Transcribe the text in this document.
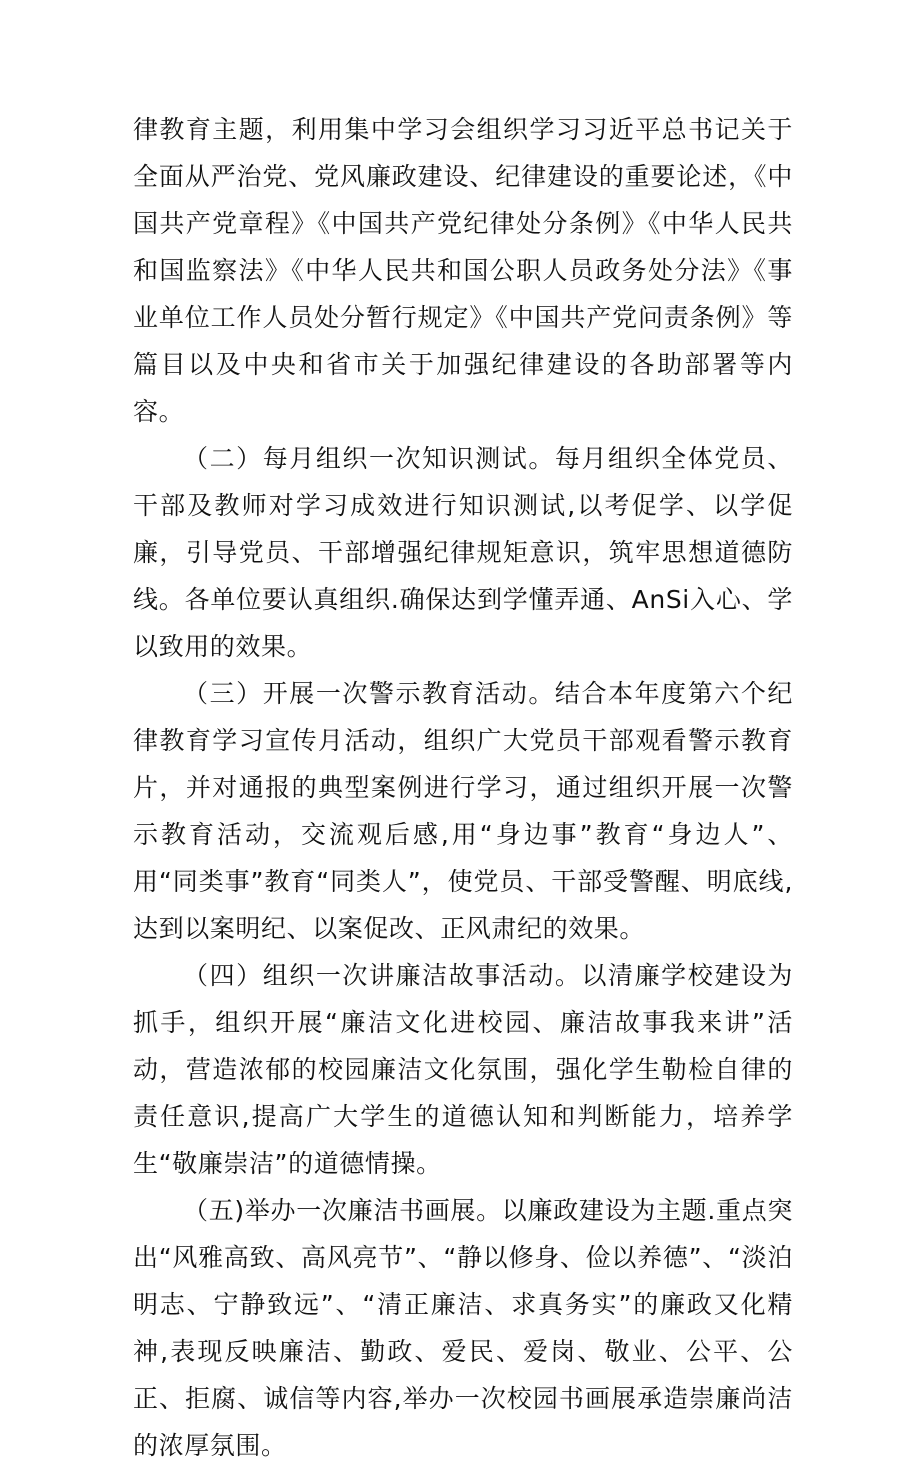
律教育主题，利用集中学习会组织学习习近平总书记关于全面从严治党、党风廉政建设、纪律建设的重要论述，《中国共产党章程》《中国共产党纪律处分条例》《中华人民共和国监察法》《中华人民共和国公职人员政务处分法》《事业单位工作人员处分暂行规定》《中国共产党问责条例》等篇目以及中央和省市关于加强纪律建设的各助部署等内容。

（二）每月组织一次知识测试。每月组织全体党员、干部及教师对学习成效进行知识测试,以考促学、以学促廉，引导党员、干部增强纪律规矩意识，筑牢思想道德防线。各单位要认真组织.确保达到学懂弄通、AnSi入心、学以致用的效果。

（三）开展一次警示教育活动。结合本年度第六个纪律教育学习宣传月活动，组织广大党员干部观看警示教育片，并对通报的典型案例进行学习，通过组织开展一次警示教育活动，交流观后感,用“身边事”教育“身边人”、用“同类事”教育“同类人”，使党员、干部受警醒、明底线,达到以案明纪、以案促改、正风肃纪的效果。

（四）组织一次讲廉洁故事活动。以清廉学校建设为抓手，组织开展“廉洁文化进校园、廉洁故事我来讲”活动，营造浓郁的校园廉洁文化氛围，强化学生勒检自律的责任意识,提高广大学生的道德认知和判断能力，培养学生“敬廉崇洁”的道德情操。

（五)举办一次廉洁书画展。以廉政建设为主题.重点突出“风雅高致、高风亮节”、“静以修身、俭以养德”、“淡泊明志、宁静致远”、“清正廉洁、求真务实”的廉政又化精神,表现反映廉洁、勤政、爱民、爱岗、敬业、公平、公正、拒腐、诚信等内容,举办一次校园书画展承造崇廉尚洁的浓厚氛围。
